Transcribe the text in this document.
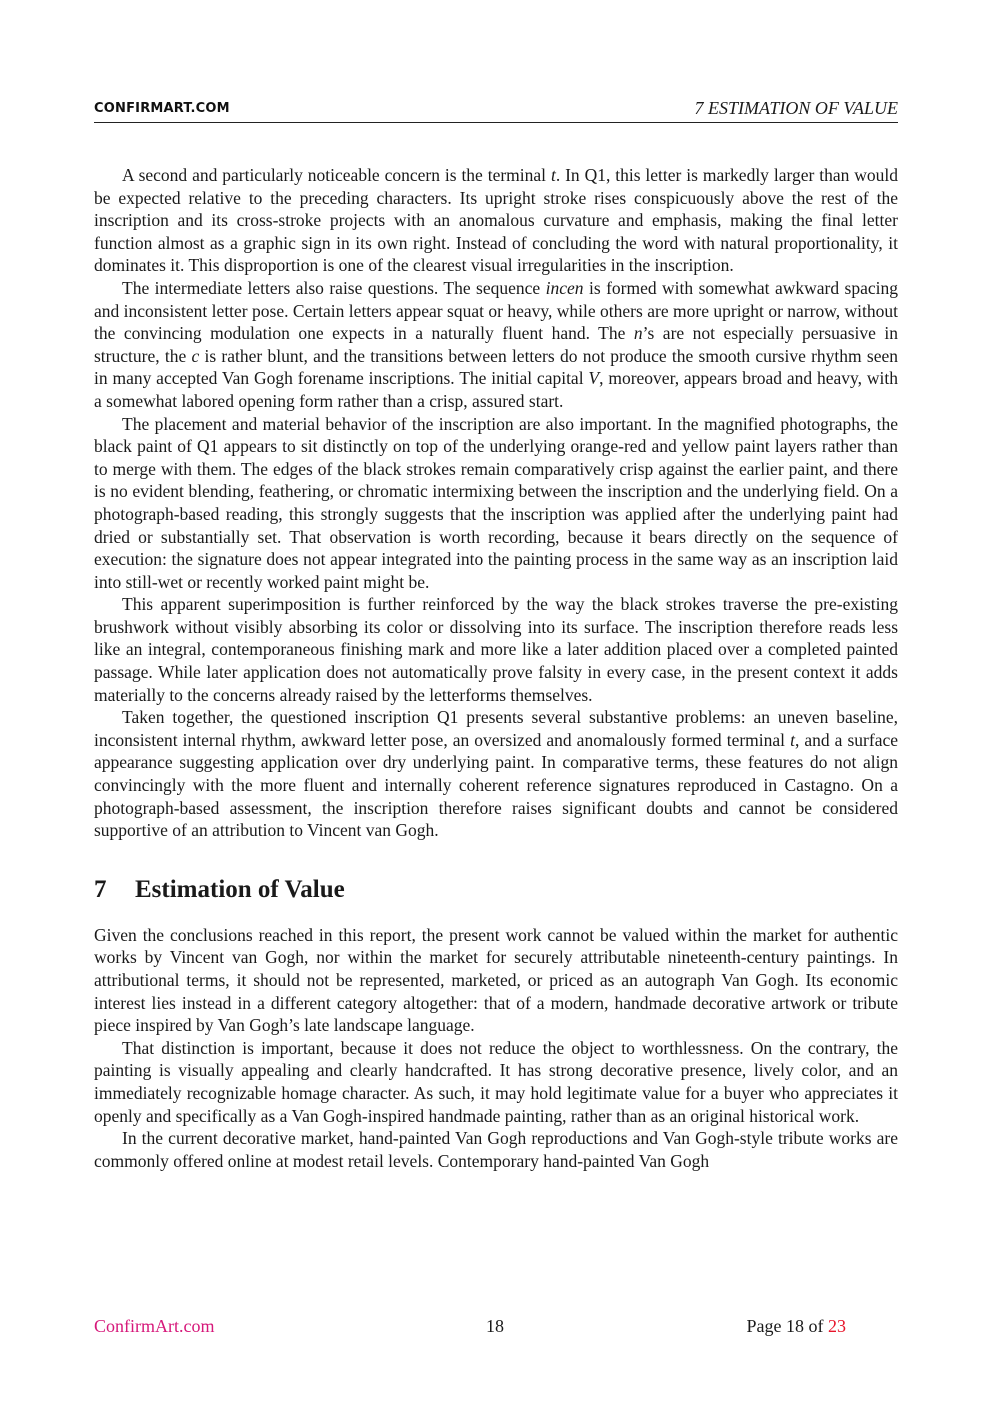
CONFIRMART.COM	7 ESTIMATION OF VALUE

A second and particularly noticeable concern is the terminal t. In Q1, this letter is markedly larger than would be expected relative to the preceding characters. Its upright stroke rises conspicuously above the rest of the inscription and its cross-stroke projects with an anomalous curvature and emphasis, making the final letter function almost as a graphic sign in its own right. Instead of concluding the word with natural proportionality, it dominates it. This disproportion is one of the clearest visual irregularities in the inscription.

The intermediate letters also raise questions. The sequence incen is formed with somewhat awkward spacing and inconsistent letter pose. Certain letters appear squat or heavy, while others are more upright or narrow, without the convincing modulation one expects in a naturally fluent hand. The n’s are not especially persuasive in structure, the c is rather blunt, and the transitions between letters do not produce the smooth cursive rhythm seen in many accepted Van Gogh forename inscriptions. The initial capital V, moreover, appears broad and heavy, with a somewhat labored opening form rather than a crisp, assured start.

The placement and material behavior of the inscription are also important. In the magnified photographs, the black paint of Q1 appears to sit distinctly on top of the underlying orange-red and yellow paint layers rather than to merge with them. The edges of the black strokes remain comparatively crisp against the earlier paint, and there is no evident blending, feathering, or chromatic intermixing between the inscription and the underlying field. On a photograph-based reading, this strongly suggests that the inscription was applied after the underlying paint had dried or substantially set. That observation is worth recording, because it bears directly on the sequence of execution: the signature does not appear integrated into the painting process in the same way as an inscription laid into still-wet or recently worked paint might be.

This apparent superimposition is further reinforced by the way the black strokes traverse the pre-existing brushwork without visibly absorbing its color or dissolving into its surface. The inscription therefore reads less like an integral, contemporaneous finishing mark and more like a later addition placed over a completed painted passage. While later application does not automatically prove falsity in every case, in the present context it adds materially to the concerns already raised by the letterforms themselves.

Taken together, the questioned inscription Q1 presents several substantive problems: an uneven baseline, inconsistent internal rhythm, awkward letter pose, an oversized and anomalously formed terminal t, and a surface appearance suggesting application over dry underlying paint. In comparative terms, these features do not align convincingly with the more fluent and internally coherent reference signatures reproduced in Castagno. On a photograph-based assessment, the inscription therefore raises significant doubts and cannot be considered supportive of an attribution to Vincent van Gogh.

7 Estimation of Value

Given the conclusions reached in this report, the present work cannot be valued within the market for authentic works by Vincent van Gogh, nor within the market for securely attributable nineteenth-century paintings. In attributional terms, it should not be represented, marketed, or priced as an autograph Van Gogh. Its economic interest lies instead in a different category altogether: that of a modern, handmade decorative artwork or tribute piece inspired by Van Gogh’s late landscape language.

That distinction is important, because it does not reduce the object to worthlessness. On the contrary, the painting is visually appealing and clearly handcrafted. It has strong decorative presence, lively color, and an immediately recognizable homage character. As such, it may hold legitimate value for a buyer who appreciates it openly and specifically as a Van Gogh-inspired handmade painting, rather than as an original historical work.

In the current decorative market, hand-painted Van Gogh reproductions and Van Gogh-style tribute works are commonly offered online at modest retail levels. Contemporary hand-painted Van Gogh

ConfirmArt.com	18	Page 18 of 23
